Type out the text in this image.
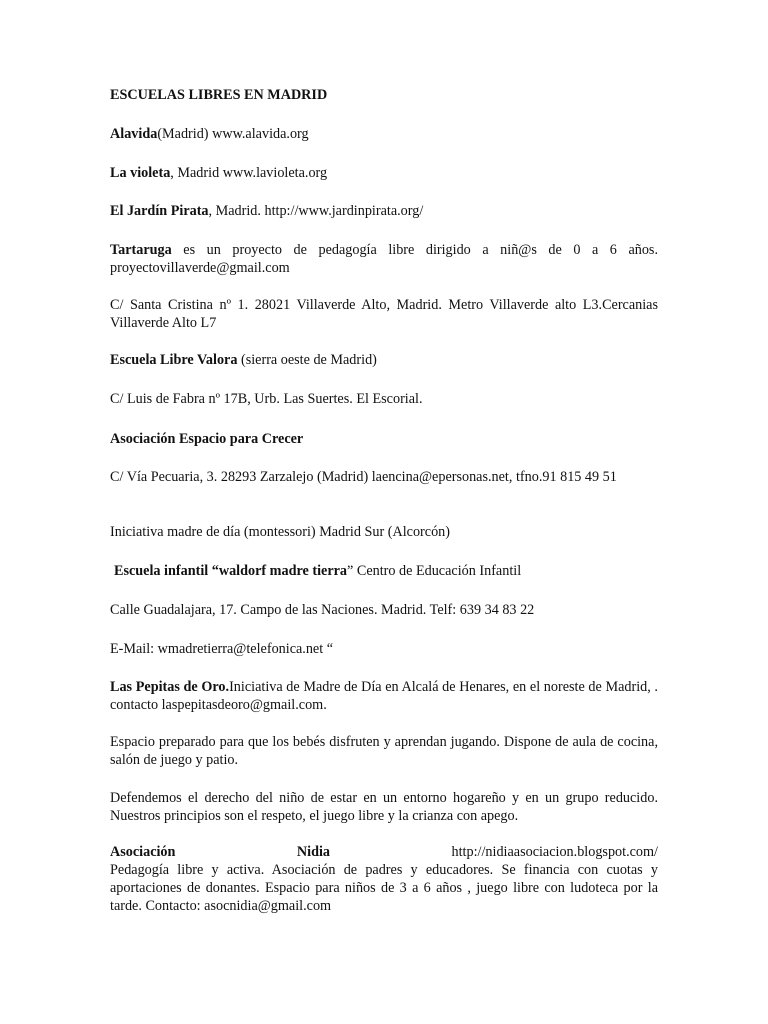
ESCUELAS LIBRES EN MADRID

Alavida(Madrid) www.alavida.org

La violeta, Madrid www.lavioleta.org

El Jardín Pirata, Madrid. http://www.jardinpirata.org/

Tartaruga es un proyecto de pedagogía libre dirigido a niñ@s de 0 a 6 años. proyectovillaverde@gmail.com

C/ Santa Cristina nº 1. 28021 Villaverde Alto, Madrid. Metro Villaverde alto L3.Cercanias Villaverde Alto L7

Escuela Libre Valora (sierra oeste de Madrid)

C/ Luis de Fabra nº 17B, Urb. Las Suertes. El Escorial.

Asociación Espacio para Crecer

C/ Vía Pecuaria, 3. 28293 Zarzalejo (Madrid) laencina@epersonas.net, tfno.91 815 49 51

Iniciativa madre de día (montessori) Madrid Sur (Alcorcón)

Escuela infantil “waldorf madre tierra” Centro de Educación Infantil

Calle Guadalajara, 17. Campo de las Naciones. Madrid. Telf: 639 34 83 22

E-Mail: wmadretierra@telefonica.net “

Las Pepitas de Oro.Iniciativa de Madre de Día en Alcalá de Henares, en el noreste de Madrid, . contacto laspepitasdeoro@gmail.com.

Espacio preparado para que los bebés disfruten y aprendan jugando. Dispone de aula de cocina, salón de juego y patio.

Defendemos el derecho del niño de estar en un entorno hogareño y en un grupo reducido. Nuestros principios son el respeto, el juego libre y la crianza con apego.

Asociación	Nidia	http://nidiaasociacion.blogspot.com/
Pedagogía libre y activa. Asociación de padres y educadores. Se financia con cuotas y aportaciones de donantes. Espacio para niños de 3 a 6 años , juego libre con ludoteca por la tarde. Contacto: asocnidia@gmail.com
